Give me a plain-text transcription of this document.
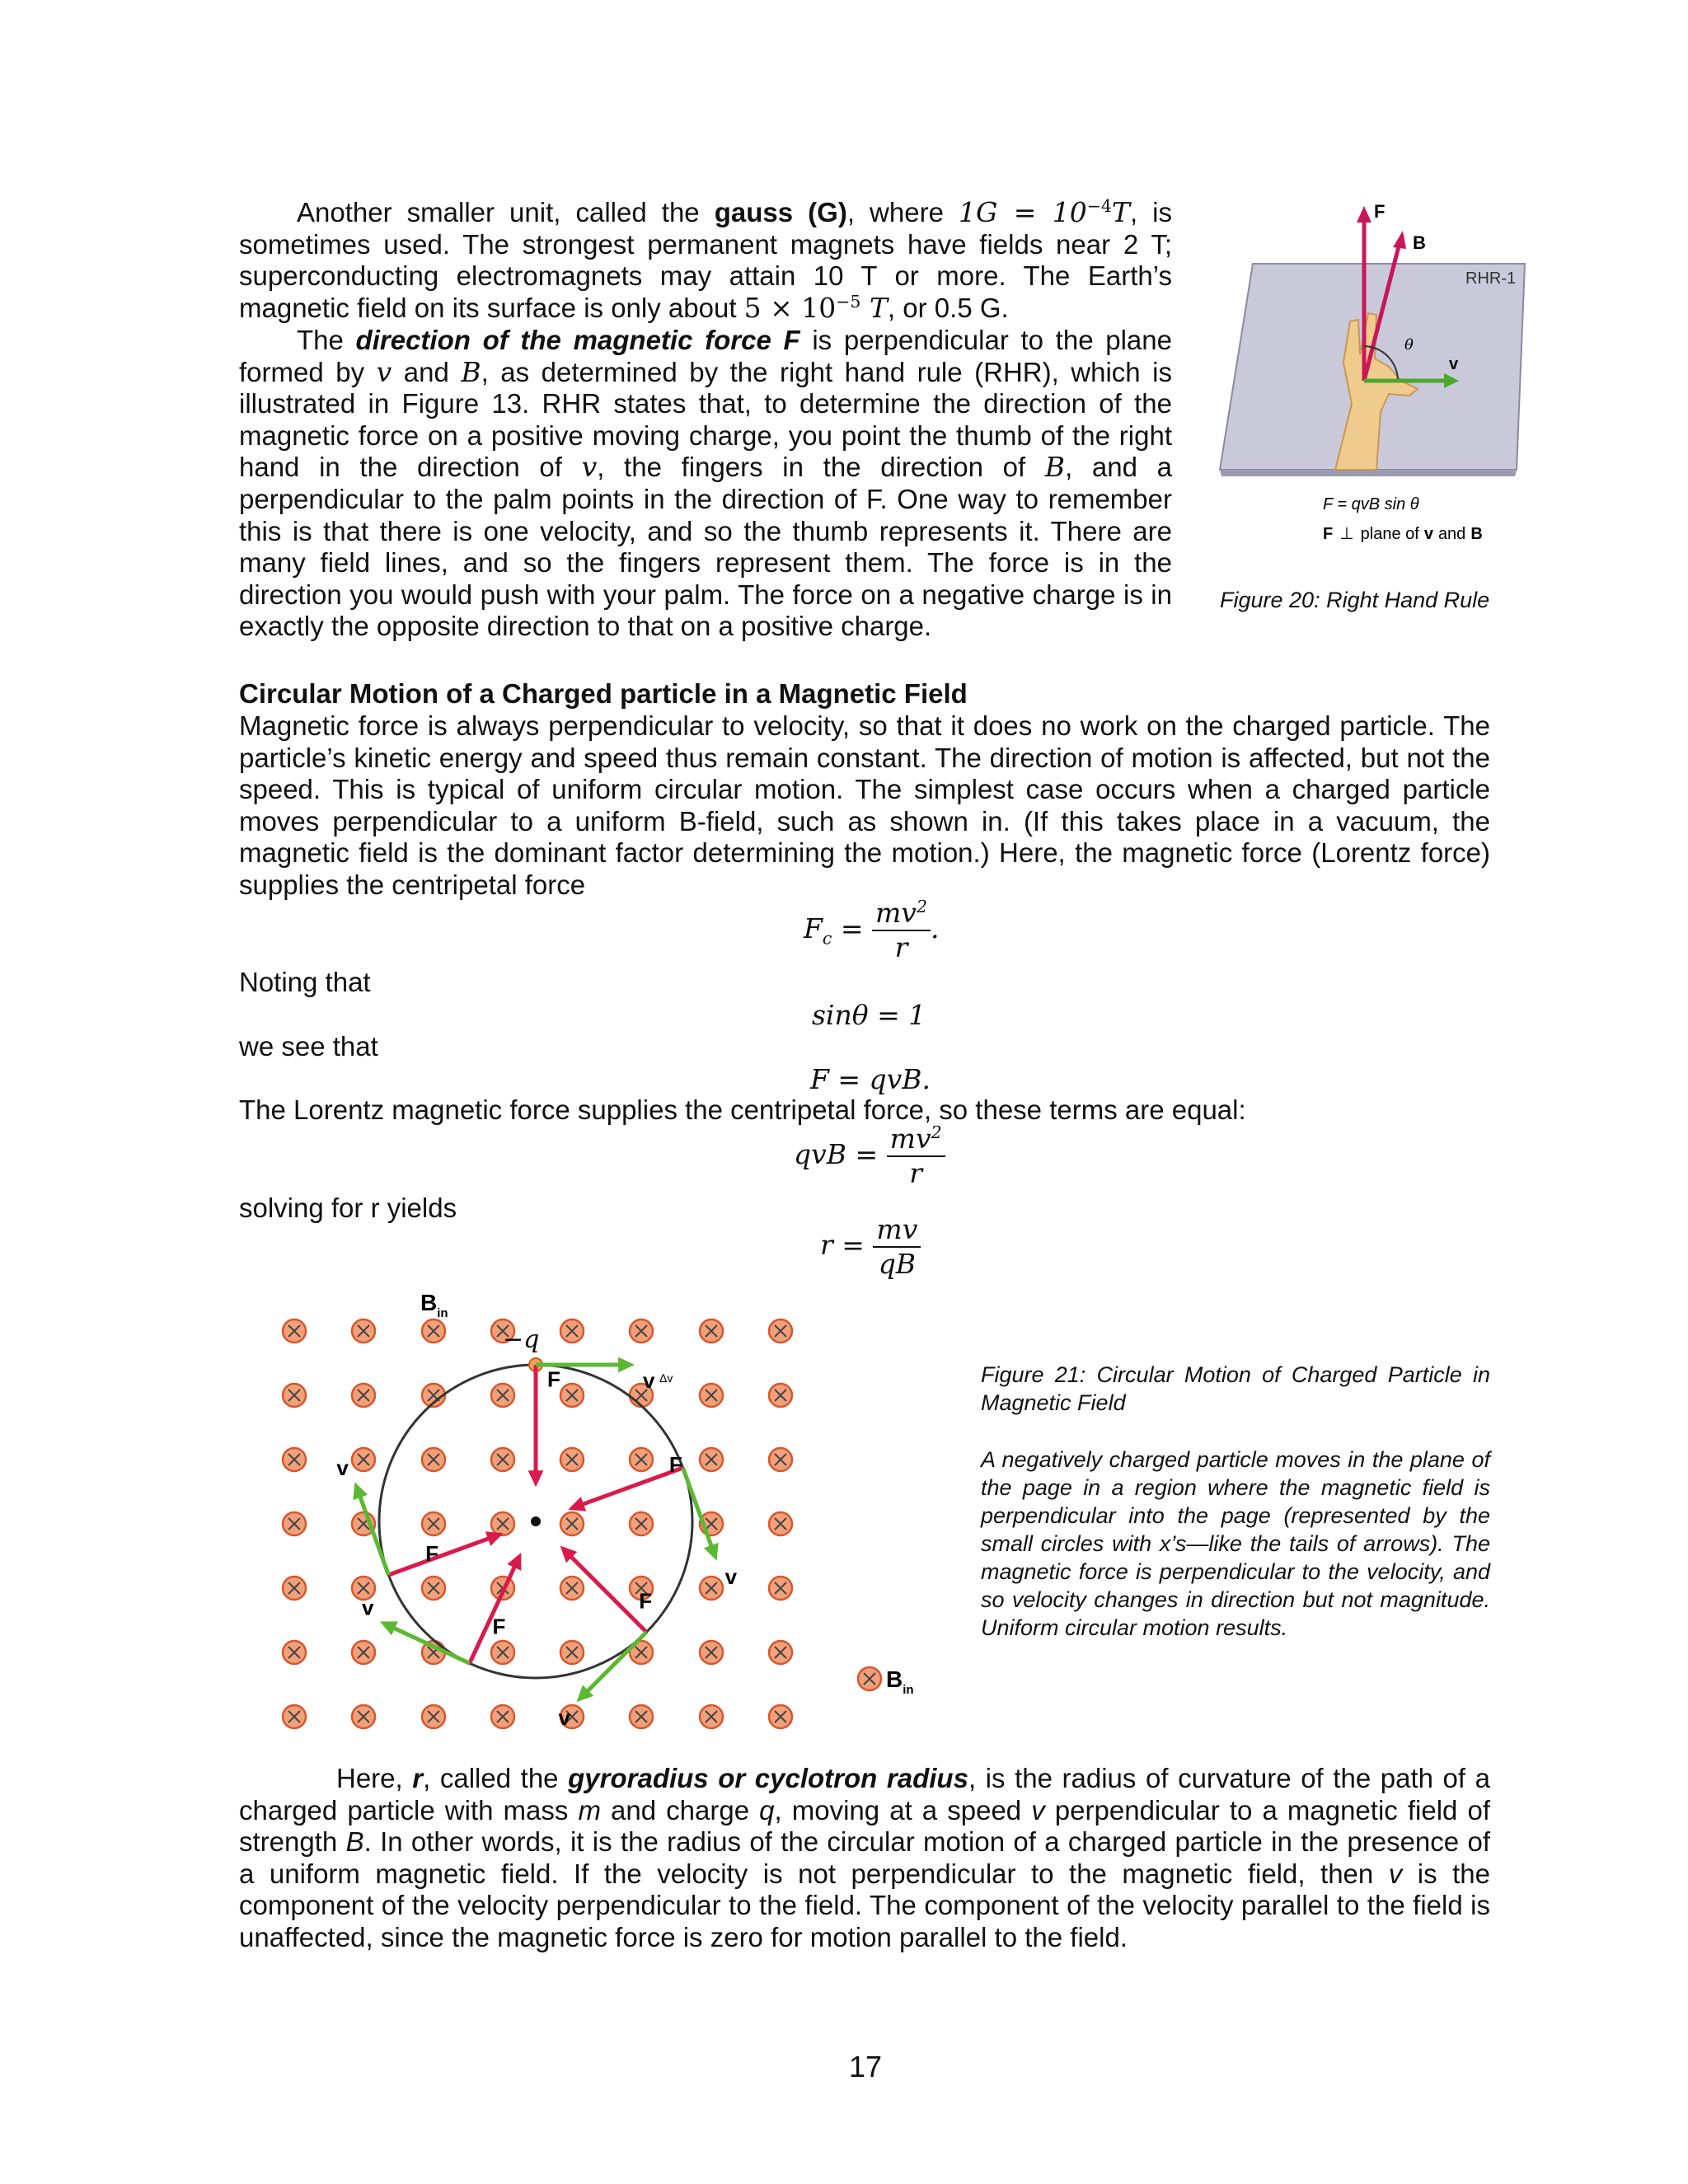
Another smaller unit, called the gauss (G), where $1G = 10^{-4}T$, is sometimes used. The strongest permanent magnets have fields near 2 T; superconducting electromagnets may attain 10 T or more. The Earth’s magnetic field on its surface is only about $5 \times 10^{-5}$ T, or 0.5 G.

The direction of the magnetic force F is perpendicular to the plane formed by v and B, as determined by the right hand rule (RHR), which is illustrated in Figure 13. RHR states that, to determine the direction of the magnetic force on a positive moving charge, you point the thumb of the right hand in the direction of v, the fingers in the direction of B, and a perpendicular to the palm points in the direction of F. One way to remember this is that there is one velocity, and so the thumb represents it. There are many field lines, and so the fingers represent them. The force is in the direction you would push with your palm. The force on a negative charge is in exactly the opposite direction to that on a positive charge.

RHR-1
F
B
θ
v
F = qvB sin θ
F ⊥ plane of v and B
Figure 20: Right Hand Rule
Circular Motion of a Charged particle in a Magnetic Field

Magnetic force is always perpendicular to velocity, so that it does no work on the charged particle. The particle’s kinetic energy and speed thus remain constant. The direction of motion is affected, but not the speed. This is typical of uniform circular motion. The simplest case occurs when a charged particle moves perpendicular to a uniform B-field, such as shown in. (If this takes place in a vacuum, the magnetic field is the dominant factor determining the motion.) Here, the magnetic force (Lorentz force) supplies the centripetal force

$F_c = \frac{mv^2}{r}$ .
Noting that
sinθ = 1
we see that
F = qvB.
The Lorentz magnetic force supplies the centripetal force, so these terms are equal:
qvB = $\frac{mv^2}{r}$
solving for r yields
$r = \frac{mv}{qB}$
−q
F
F
F
F
F
v
v
v
v
v
$B_{in}$
Δv
$B_{in}$
Figure 21: Circular Motion of Charged Particle in Magnetic Field
A negatively charged particle moves in the plane of the page in a region where the magnetic field is perpendicular into the page (represented by the small circles with x’s—like the tails of arrows). The magnetic force is perpendicular to the velocity, and so velocity changes in direction but not magnitude. Uniform circular motion results.

Here, r, called the gyroradius or cyclotron radius, is the radius of curvature of the path of a charged particle with mass m and charge q, moving at a speed v perpendicular to a magnetic field of strength B. In other words, it is the radius of the circular motion of a charged particle in the presence of a uniform magnetic field. If the velocity is not perpendicular to the magnetic field, then v is the component of the velocity perpendicular to the field. The component of the velocity parallel to the field is unaffected, since the magnetic force is zero for motion parallel to the field.

17
